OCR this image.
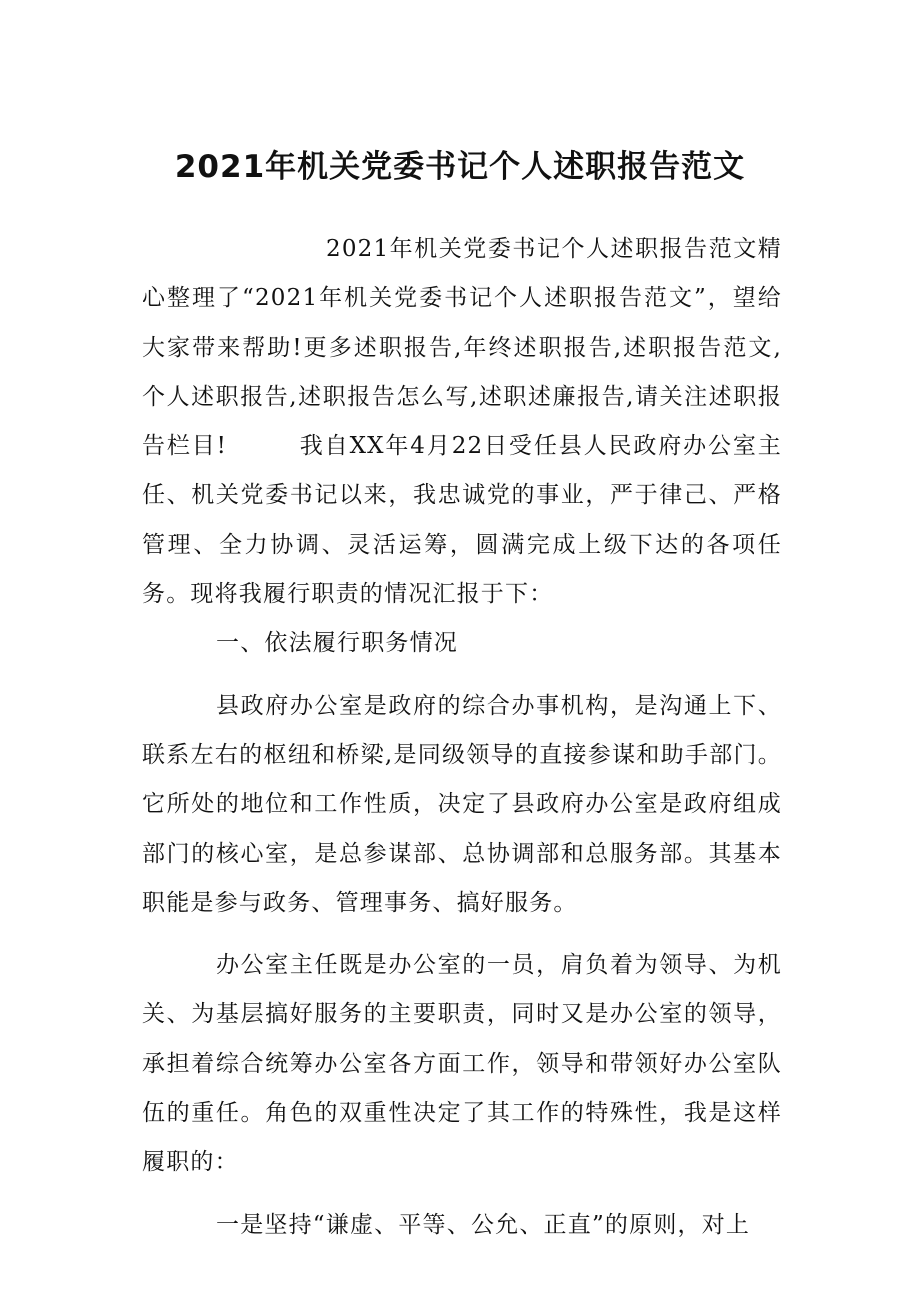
2021年机关党委书记个人述职报告范文

2021年机关党委书记个人述职报告范文精心整理了“2021年机关党委书记个人述职报告范文”，望给大家带来帮助!更多述职报告,年终述职报告,述职报告范文,个人述职报告,述职报告怎么写,述职述廉报告,请关注述职报告栏目!	我自XX年4月22日受任县人民政府办公室主任、机关党委书记以来，我忠诚党的事业，严于律己、严格管理、全力协调、灵活运筹，圆满完成上级下达的各项任务。现将我履行职责的情况汇报于下：

一、依法履行职务情况

县政府办公室是政府的综合办事机构，是沟通上下、联系左右的枢纽和桥梁,是同级领导的直接参谋和助手部门。它所处的地位和工作性质，决定了县政府办公室是政府组成部门的核心室，是总参谋部、总协调部和总服务部。其基本职能是参与政务、管理事务、搞好服务。

办公室主任既是办公室的一员，肩负着为领导、为机关、为基层搞好服务的主要职责，同时又是办公室的领导，承担着综合统筹办公室各方面工作，领导和带领好办公室队伍的重任。角色的双重性决定了其工作的特殊性，我是这样履职的：

一是坚持“谦虚、平等、公允、正直”的原则，对上
